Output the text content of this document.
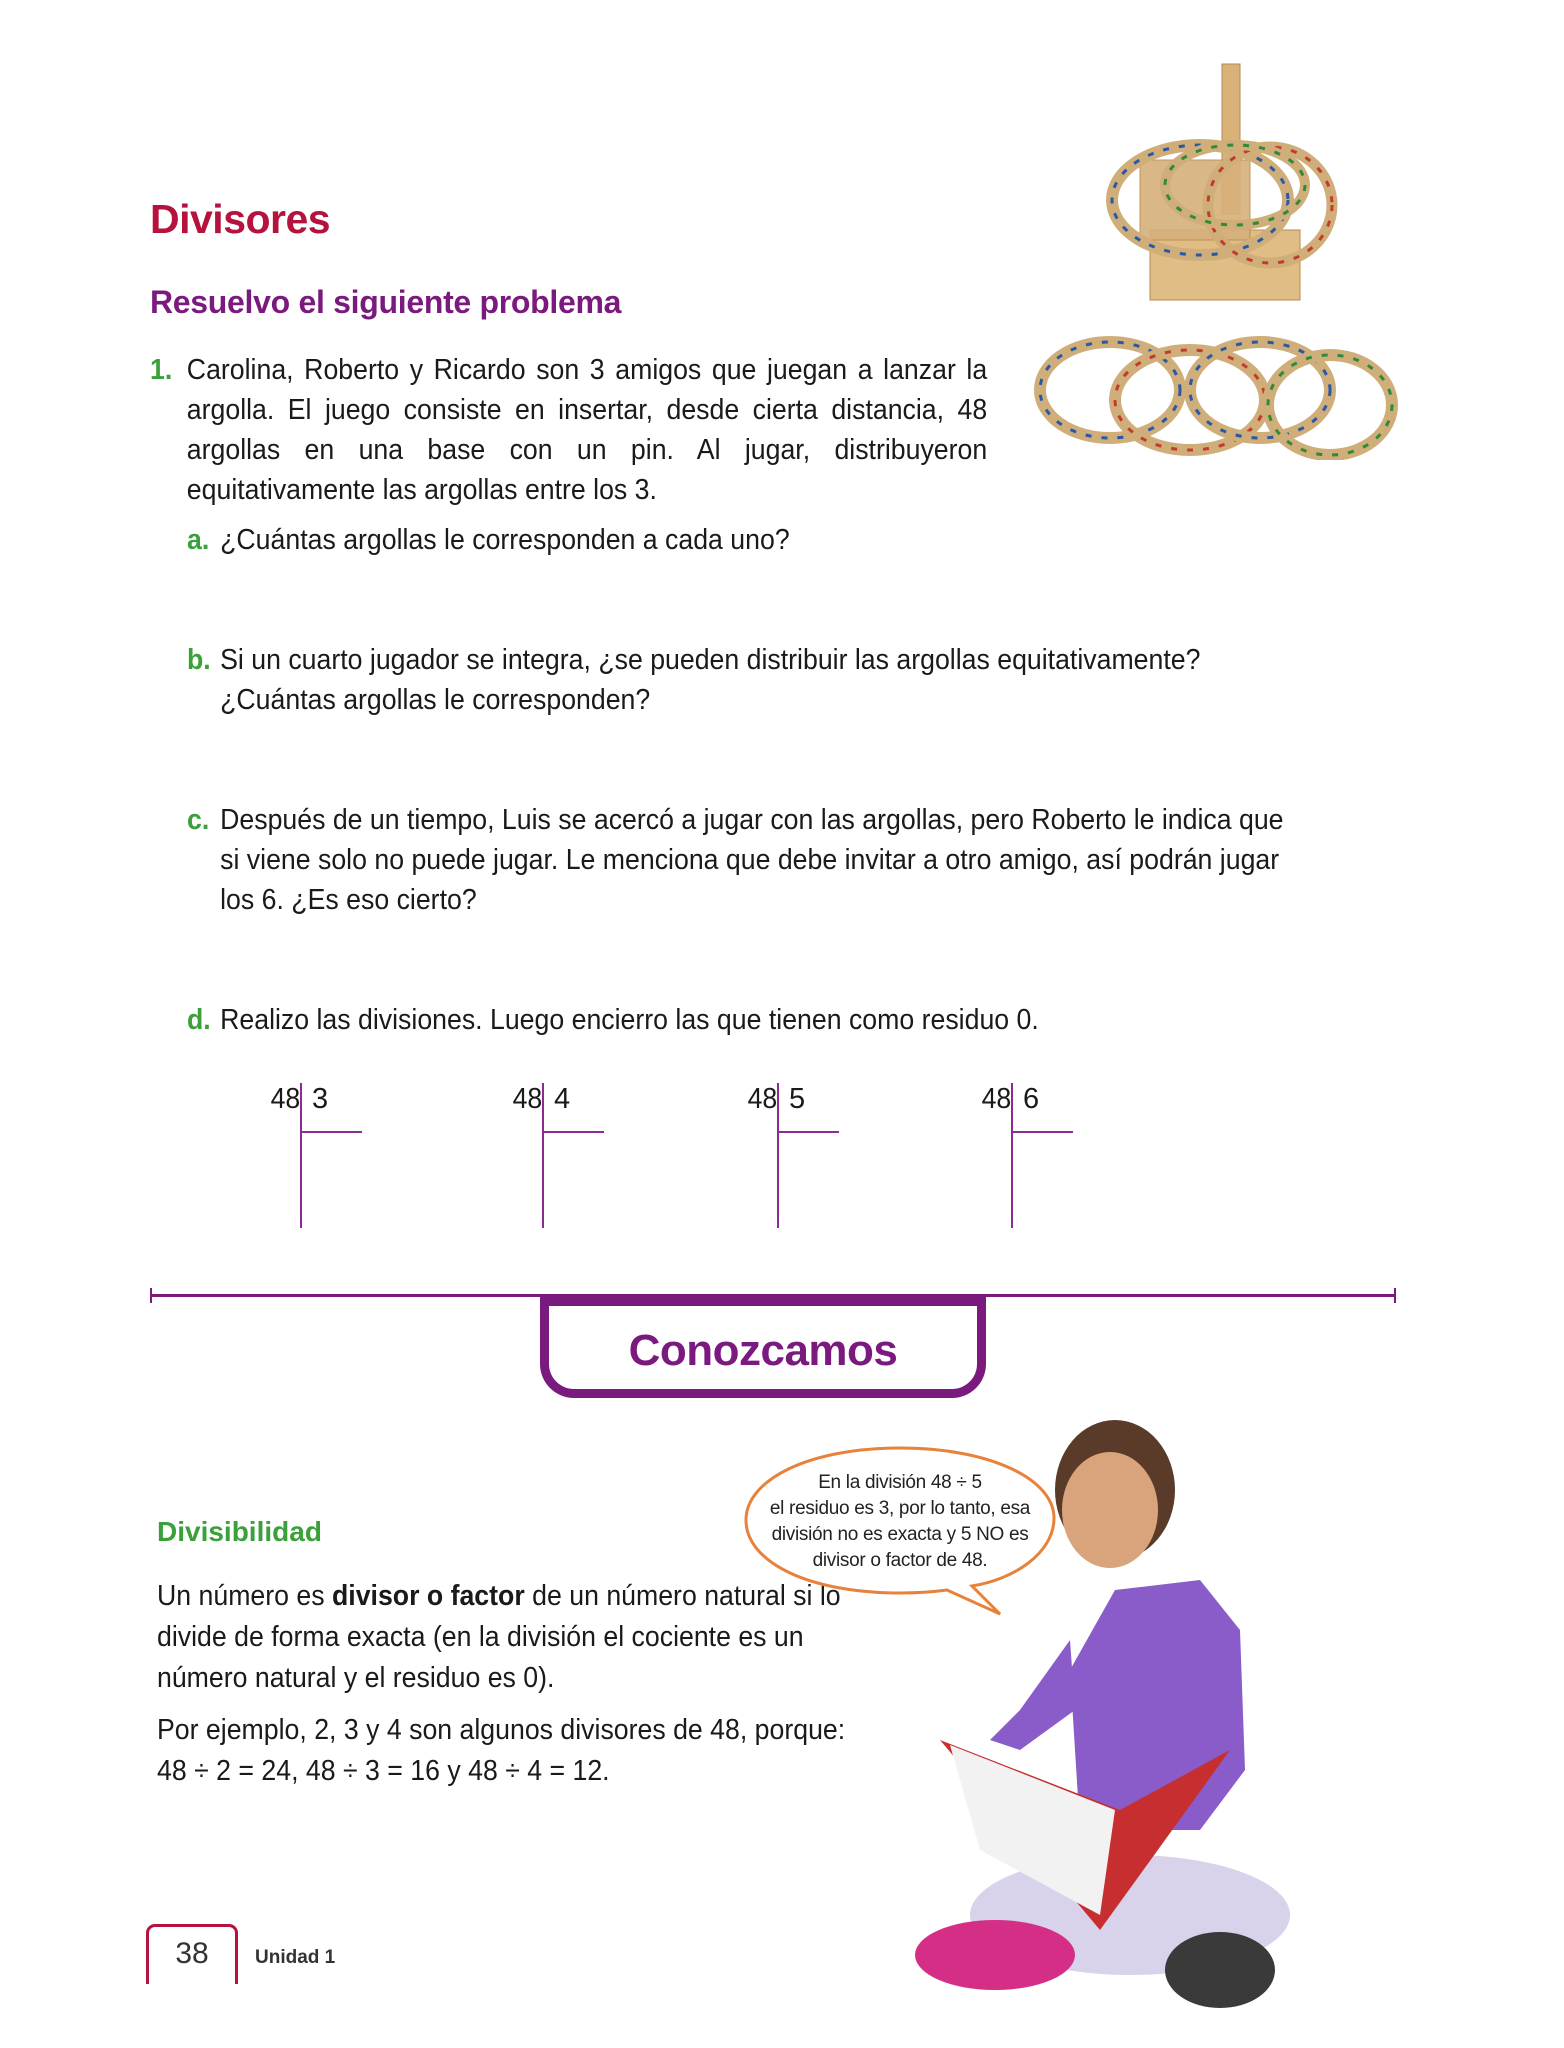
Divisores
Resuelvo el siguiente problema
1. Carolina, Roberto y Ricardo son 3 amigos que juegan a lanzar la argolla. El juego consiste en insertar, desde cierta distancia, 48 argollas en una base con un pin. Al jugar, distribuyeron equitativamente las argollas entre los 3.
a. ¿Cuántas argollas le corresponden a cada uno?
b. Si un cuarto jugador se integra, ¿se pueden distribuir las argollas equitativamente? ¿Cuántas argollas le corresponden?
c. Después de un tiempo, Luis se acercó a jugar con las argollas, pero Roberto le indica que si viene solo no puede jugar. Le menciona que debe invitar a otro amigo, así podrán jugar los 6. ¿Es eso cierto?
d. Realizo las divisiones. Luego encierro las que tienen como residuo 0.
48 3	48 4	48 5	48 6
Conozcamos
Divisibilidad
Un número es divisor o factor de un número natural si lo divide de forma exacta (en la división el cociente es un número natural y el residuo es 0).
Por ejemplo, 2, 3 y 4 son algunos divisores de 48, porque:
48 ÷ 2 = 24, 48 ÷ 3 = 16 y 48 ÷ 4 = 12.
En la división 48 ÷ 5
el residuo es 3, por lo tanto, esa
división no es exacta y 5 NO es
divisor o factor de 48.
38	Unidad 1
